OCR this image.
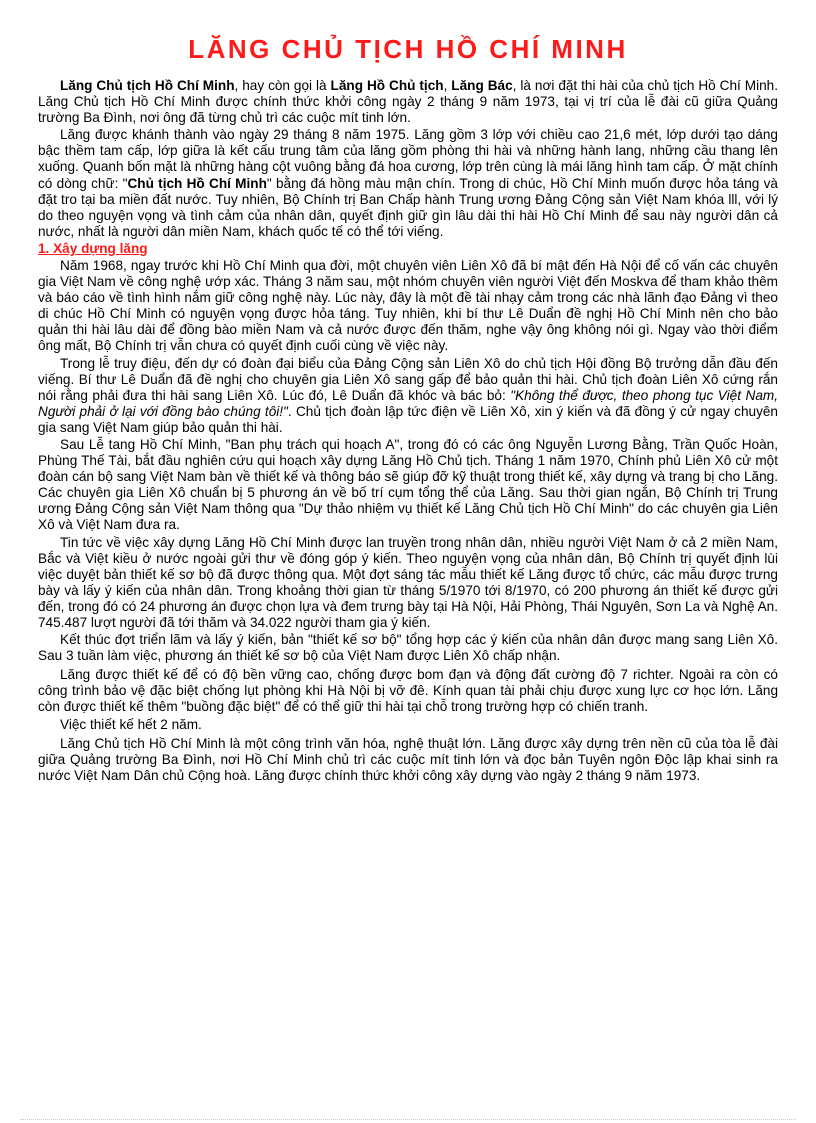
LĂNG CHỦ TỊCH HỒ CHÍ MINH

Lăng Chủ tịch Hồ Chí Minh, hay còn gọi là Lăng Hồ Chủ tịch, Lăng Bác, là nơi đặt thi hài của chủ tịch Hồ Chí Minh. Lăng Chủ tịch Hồ Chí Minh được chính thức khởi công ngày 2 tháng 9 năm 1973, tại vị trí của lễ đài cũ giữa Quảng trường Ba Đình, nơi ông đã từng chủ trì các cuộc mít tinh lớn.

Lăng được khánh thành vào ngày 29 tháng 8 năm 1975. Lăng gồm 3 lớp với chiều cao 21,6 mét, lớp dưới tạo dáng bậc thềm tam cấp, lớp giữa là kết cấu trung tâm của lăng gồm phòng thi hài và những hành lang, những cầu thang lên xuống. Quanh bốn mặt là những hàng cột vuông bằng đá hoa cương, lớp trên cùng là mái lăng hình tam cấp. Ở mặt chính có dòng chữ: "Chủ tịch Hồ Chí Minh" bằng đá hồng màu mận chín. Trong di chúc, Hồ Chí Minh muốn được hỏa táng và đặt tro tại ba miền đất nước. Tuy nhiên, Bộ Chính trị Ban Chấp hành Trung ương Đảng Cộng sản Việt Nam khóa lll, với lý do theo nguyện vọng và tình cảm của nhân dân, quyết định giữ gìn lâu dài thi hài Hồ Chí Minh để sau này người dân cả nước, nhất là người dân miền Nam, khách quốc tế có thể tới viếng.

1. Xây dựng lăng

Năm 1968, ngay trước khi Hồ Chí Minh qua đời, một chuyên viên Liên Xô đã bí mật đến Hà Nội để cố vấn các chuyên gia Việt Nam về công nghệ ướp xác. Tháng 3 năm sau, một nhóm chuyên viên người Việt đến Moskva để tham khảo thêm và báo cáo về tình hình nắm giữ công nghệ này. Lúc này, đây là một đề tài nhạy cảm trong các nhà lãnh đạo Đảng vì theo di chúc Hồ Chí Minh có nguyện vọng được hỏa táng. Tuy nhiên, khi bí thư Lê Duẩn đề nghị Hồ Chí Minh nên cho bảo quản thi hài lâu dài để đồng bào miền Nam và cả nước được đến thăm, nghe vậy ông không nói gì. Ngay vào thời điểm ông mất, Bộ Chính trị vẫn chưa có quyết định cuối cùng về việc này.

Trong lễ truy điệu, đến dự có đoàn đại biểu của Đảng Cộng sản Liên Xô do chủ tịch Hội đồng Bộ trưởng dẫn đầu đến viếng. Bí thư Lê Duẩn đã đề nghị cho chuyên gia Liên Xô sang gấp để bảo quản thi hài. Chủ tịch đoàn Liên Xô cứng rắn nói rằng phải đưa thi hài sang Liên Xô. Lúc đó, Lê Duẩn đã khóc và bác bỏ: "Không thể được, theo phong tục Việt Nam, Người phải ở lại với đồng bào chúng tôi!". Chủ tịch đoàn lập tức điện về Liên Xô, xin ý kiến và đã đồng ý cử ngay chuyên gia sang Việt Nam giúp bảo quản thi hài.

Sau Lễ tang Hồ Chí Minh, "Ban phụ trách qui hoạch A", trong đó có các ông Nguyễn Lương Bằng, Trần Quốc Hoàn, Phùng Thế Tài, bắt đầu nghiên cứu qui hoạch xây dựng Lăng Hồ Chủ tịch. Tháng 1 năm 1970, Chính phủ Liên Xô cử một đoàn cán bộ sang Việt Nam bàn về thiết kế và thông báo sẽ giúp đỡ kỹ thuật trong thiết kế, xây dựng và trang bị cho Lăng. Các chuyên gia Liên Xô chuẩn bị 5 phương án về bố trí cụm tổng thể của Lăng. Sau thời gian ngắn, Bộ Chính trị Trung ương Đảng Cộng sản Việt Nam thông qua "Dự thảo nhiệm vụ thiết kế Lăng Chủ tịch Hồ Chí Minh" do các chuyên gia Liên Xô và Việt Nam đưa ra.

Tin tức về việc xây dựng Lăng Hồ Chí Minh được lan truyền trong nhân dân, nhiều người Việt Nam ở cả 2 miền Nam, Bắc và Việt kiều ở nước ngoài gửi thư về đóng góp ý kiến. Theo nguyện vọng của nhân dân, Bộ Chính trị quyết định lùi việc duyệt bản thiết kế sơ bộ đã được thông qua. Một đợt sáng tác mẫu thiết kế Lăng được tổ chức, các mẫu được trưng bày và lấy ý kiến của nhân dân. Trong khoảng thời gian từ tháng 5/1970 tới 8/1970, có 200 phương án thiết kế được gửi đến, trong đó có 24 phương án được chọn lựa và đem trưng bày tại Hà Nội, Hải Phòng, Thái Nguyên, Sơn La và Nghệ An. 745.487 lượt người đã tới thăm và 34.022 người tham gia ý kiến.

Kết thúc đợt triển lãm và lấy ý kiến, bản "thiết kế sơ bộ" tổng hợp các ý kiến của nhân dân được mang sang Liên Xô. Sau 3 tuần làm việc, phương án thiết kế sơ bộ của Việt Nam được Liên Xô chấp nhận.

Lăng được thiết kế để có độ bền vững cao, chống được bom đạn và động đất cường độ 7 richter. Ngoài ra còn có công trình bảo vệ đặc biệt chống lụt phòng khi Hà Nội bị vỡ đê. Kính quan tài phải chịu được xung lực cơ học lớn. Lăng còn được thiết kế thêm "buồng đặc biệt" để có thể giữ thi hài tại chỗ trong trường hợp có chiến tranh.

Việc thiết kế hết 2 năm.

Lăng Chủ tịch Hồ Chí Minh là một công trình văn hóa, nghệ thuật lớn. Lăng được xây dựng trên nền cũ của tòa lễ đài giữa Quảng trường Ba Đình, nơi Hồ Chí Minh chủ trì các cuộc mít tinh lớn và đọc bản Tuyên ngôn Độc lập khai sinh ra nước Việt Nam Dân chủ Cộng hoà. Lăng được chính thức khởi công xây dựng vào ngày 2 tháng 9 năm 1973.
